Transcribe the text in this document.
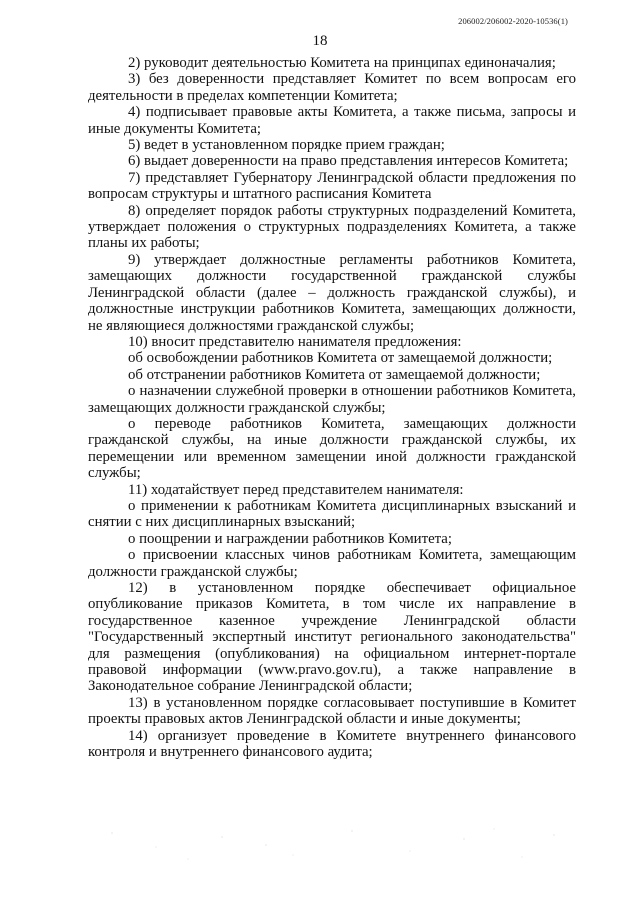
206002/206002-2020-10536(1)
18

2) руководит деятельностью Комитета на принципах единоначалия;

3) без доверенности представляет Комитет по всем вопросам его деятельности в пределах компетенции Комитета;

4) подписывает правовые акты Комитета, а также письма, запросы и иные документы Комитета;

5) ведет в установленном порядке прием граждан;

6) выдает доверенности на право представления интересов Комитета;

7) представляет Губернатору Ленинградской области предложения по вопросам структуры и штатного расписания Комитета

8) определяет порядок работы структурных подразделений Комитета, утверждает положения о структурных подразделениях Комитета, а также планы их работы;

9) утверждает должностные регламенты работников Комитета, замещающих должности государственной гражданской службы Ленинградской области (далее – должность гражданской службы), и должностные инструкции работников Комитета, замещающих должности, не являющиеся должностями гражданской службы;

10) вносит представителю нанимателя предложения:

об освобождении работников Комитета от замещаемой должности;

об отстранении работников Комитета от замещаемой должности;

о назначении служебной проверки в отношении работников Комитета, замещающих должности гражданской службы;

о переводе работников Комитета, замещающих должности гражданской службы, на иные должности гражданской службы, их перемещении или временном замещении иной должности гражданской службы;

11) ходатайствует перед представителем нанимателя:

о применении к работникам Комитета дисциплинарных взысканий и снятии с них дисциплинарных взысканий;

о поощрении и награждении работников Комитета;

о присвоении классных чинов работникам Комитета, замещающим должности гражданской службы;

12) в установленном порядке обеспечивает официальное опубликование приказов Комитета, в том числе их направление в государственное казенное учреждение Ленинградской области "Государственный экспертный институт регионального законодательства" для размещения (опубликования) на официальном интернет-портале правовой информации (www.pravo.gov.ru), а также направление в Законодательное собрание Ленинградской области;

13) в установленном порядке согласовывает поступившие в Комитет проекты правовых актов Ленинградской области и иные документы;

14) организует проведение в Комитете внутреннего финансового контроля и внутреннего финансового аудита;
